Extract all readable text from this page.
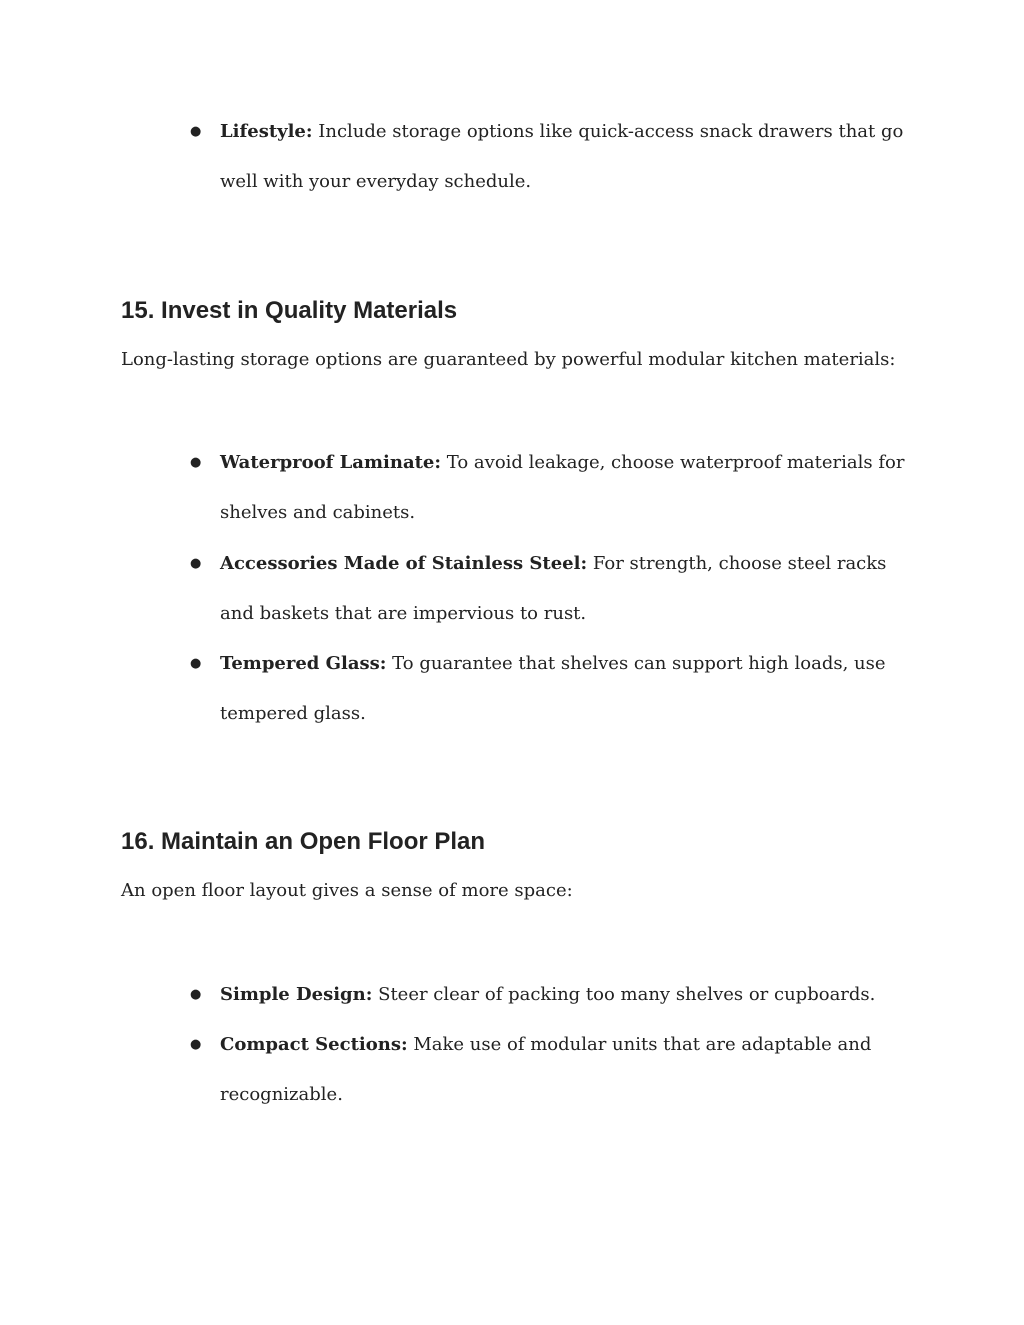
●	Lifestyle: Include storage options like quick-access snack drawers that go well with your everyday schedule.
15. Invest in Quality Materials

Long-lasting storage options are guaranteed by powerful modular kitchen materials:

●	Waterproof Laminate: To avoid leakage, choose waterproof materials for shelves and cabinets.
●	Accessories Made of Stainless Steel: For strength, choose steel racks and baskets that are impervious to rust.
●	Tempered Glass: To guarantee that shelves can support high loads, use tempered glass.
16. Maintain an Open Floor Plan

An open floor layout gives a sense of more space:

●	Simple Design: Steer clear of packing too many shelves or cupboards.
●	Compact Sections: Make use of modular units that are adaptable and recognizable.
